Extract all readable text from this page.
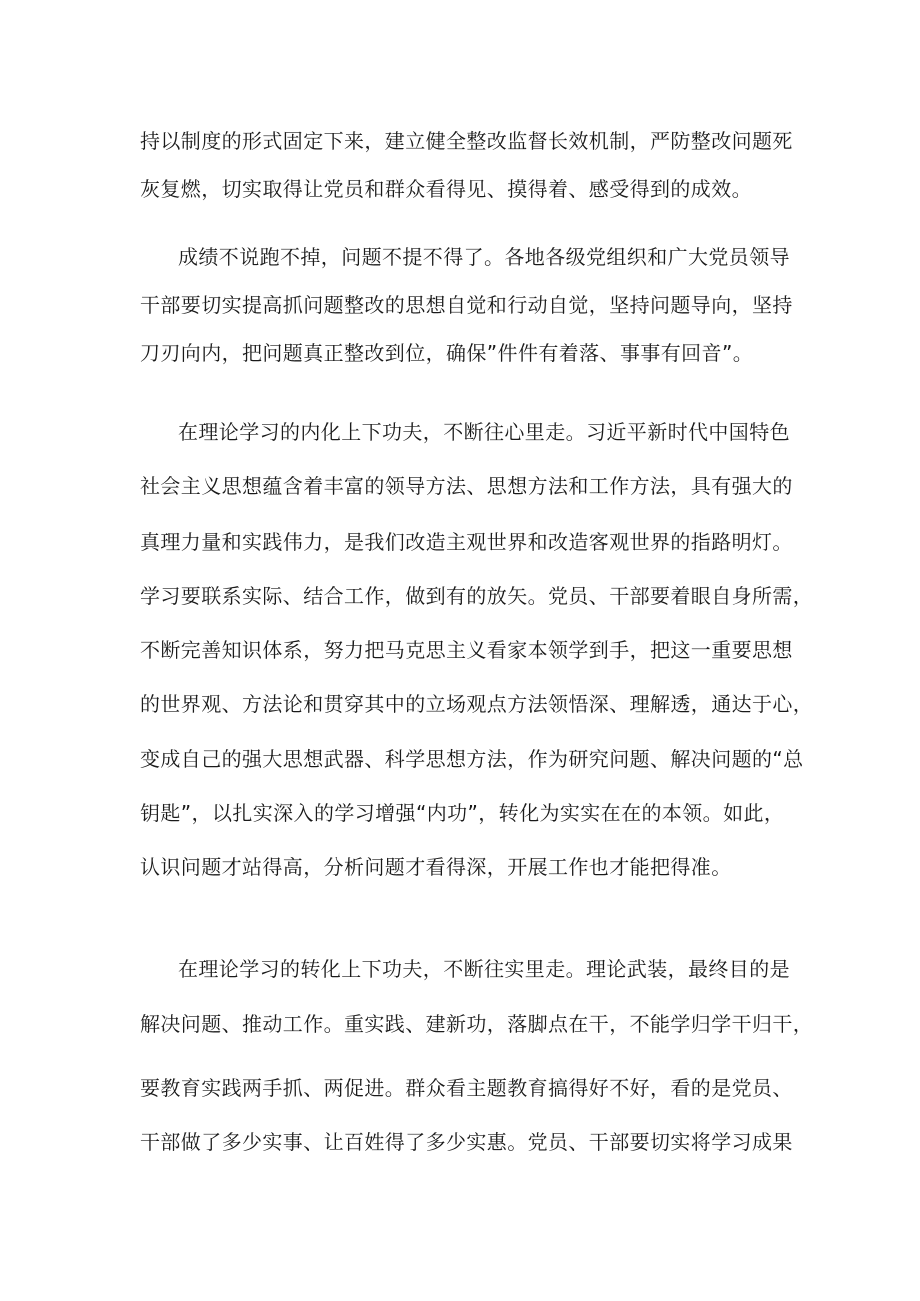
持以制度的形式固定下来，建立健全整改监督长效机制，严防整改问题死
灰复燃，切实取得让党员和群众看得见、摸得着、感受得到的成效。
成绩不说跑不掉，问题不提不得了。各地各级党组织和广大党员领导
干部要切实提高抓问题整改的思想自觉和行动自觉，坚持问题导向，坚持
刀刃向内，把问题真正整改到位，确保”件件有着落、事事有回音”。
在理论学习的内化上下功夫，不断往心里走。习近平新时代中国特色
社会主义思想蕴含着丰富的领导方法、思想方法和工作方法，具有强大的
真理力量和实践伟力，是我们改造主观世界和改造客观世界的指路明灯。
学习要联系实际、结合工作，做到有的放矢。党员、干部要着眼自身所需，
不断完善知识体系，努力把马克思主义看家本领学到手，把这一重要思想
的世界观、方法论和贯穿其中的立场观点方法领悟深、理解透，通达于心，
变成自己的强大思想武器、科学思想方法，作为研究问题、解决问题的“总
钥匙”，以扎实深入的学习增强“内功”，转化为实实在在的本领。如此，
认识问题才站得高，分析问题才看得深，开展工作也才能把得准。
在理论学习的转化上下功夫，不断往实里走。理论武装，最终目的是
解决问题、推动工作。重实践、建新功，落脚点在干，不能学归学干归干，
要教育实践两手抓、两促进。群众看主题教育搞得好不好，看的是党员、
干部做了多少实事、让百姓得了多少实惠。党员、干部要切实将学习成果
